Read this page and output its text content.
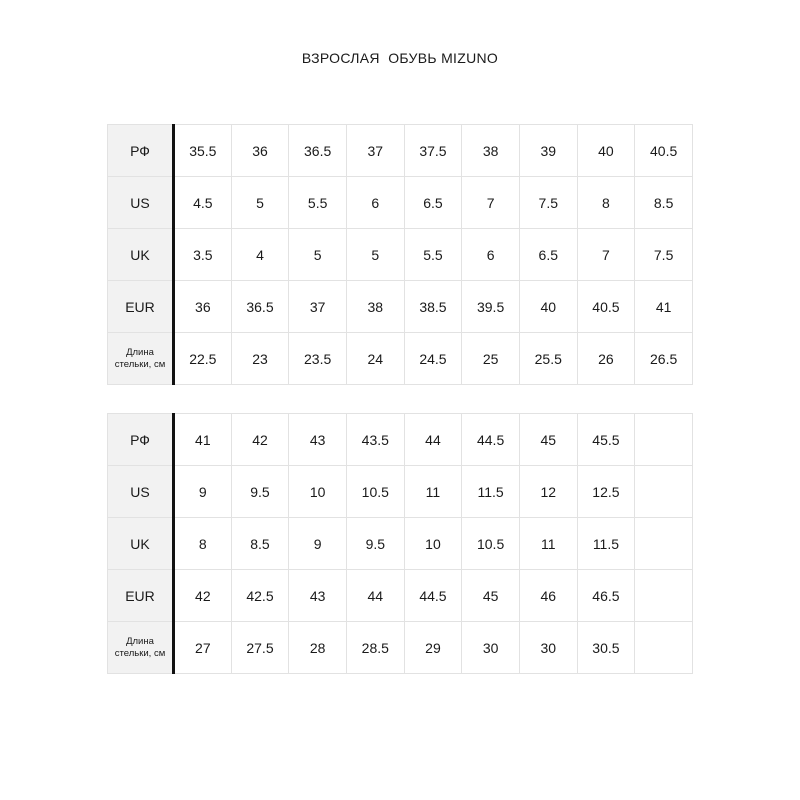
ВЗРОСЛАЯ  ОБУВЬ MIZUNO
РФ	35.5	36	36.5	37	37.5	38	39	40	40.5
US	4.5	5	5.5	6	6.5	7	7.5	8	8.5
UK	3.5	4	5	5	5.5	6	6.5	7	7.5
EUR	36	36.5	37	38	38.5	39.5	40	40.5	41
Длина
стельки, см	22.5	23	23.5	24	24.5	25	25.5	26	26.5
РФ	41	42	43	43.5	44	44.5	45	45.5	
US	9	9.5	10	10.5	11	11.5	12	12.5	
UK	8	8.5	9	9.5	10	10.5	11	11.5	
EUR	42	42.5	43	44	44.5	45	46	46.5	
Длина
стельки, см	27	27.5	28	28.5	29	30	30	30.5	
